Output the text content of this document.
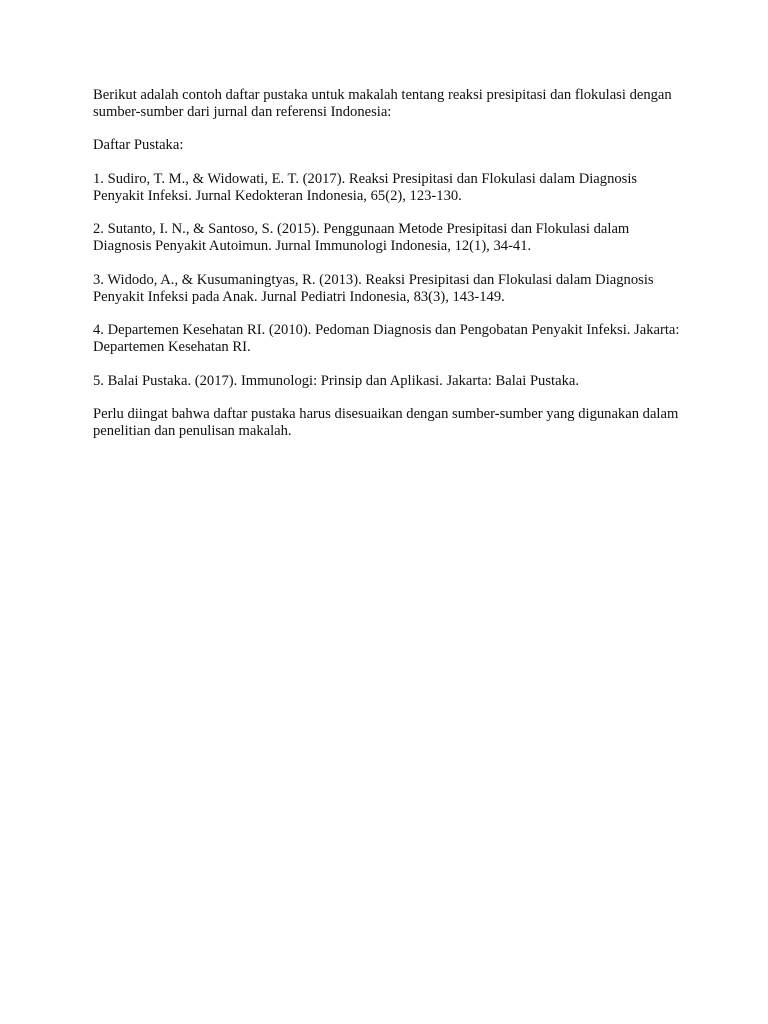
Berikut adalah contoh daftar pustaka untuk makalah tentang reaksi presipitasi dan flokulasi dengan sumber-sumber dari jurnal dan referensi Indonesia:

Daftar Pustaka:

1. Sudiro, T. M., & Widowati, E. T. (2017). Reaksi Presipitasi dan Flokulasi dalam Diagnosis Penyakit Infeksi. Jurnal Kedokteran Indonesia, 65(2), 123-130.
2. Sutanto, I. N., & Santoso, S. (2015). Penggunaan Metode Presipitasi dan Flokulasi dalam Diagnosis Penyakit Autoimun. Jurnal Immunologi Indonesia, 12(1), 34-41.
3. Widodo, A., & Kusumaningtyas, R. (2013). Reaksi Presipitasi dan Flokulasi dalam Diagnosis Penyakit Infeksi pada Anak. Jurnal Pediatri Indonesia, 83(3), 143-149.
4. Departemen Kesehatan RI. (2010). Pedoman Diagnosis dan Pengobatan Penyakit Infeksi. Jakarta: Departemen Kesehatan RI.
5. Balai Pustaka. (2017). Immunologi: Prinsip dan Aplikasi. Jakarta: Balai Pustaka.

Perlu diingat bahwa daftar pustaka harus disesuaikan dengan sumber-sumber yang digunakan dalam penelitian dan penulisan makalah.
